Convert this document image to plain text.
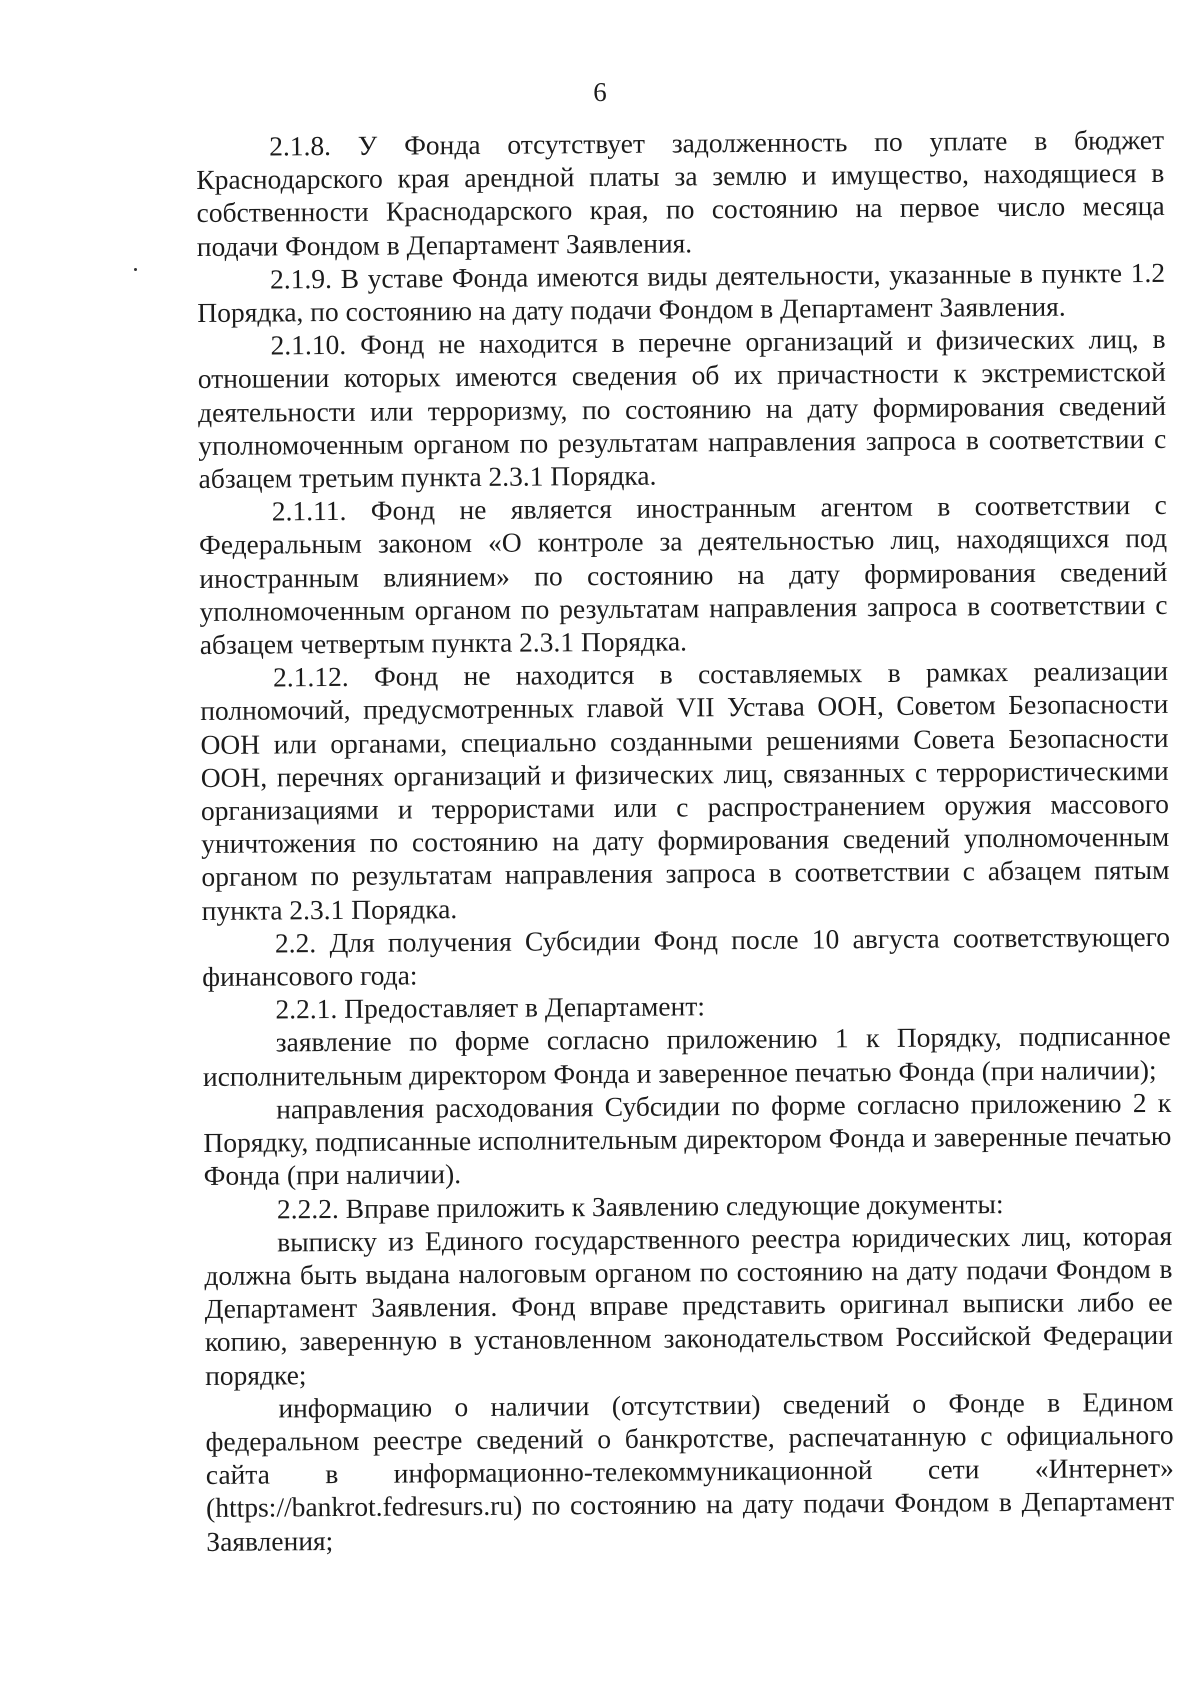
6

2.1.8. У Фонда отсутствует задолженность по уплате в бюджет Краснодарского края арендной платы за землю и имущество, находящиеся в собственности Краснодарского края, по состоянию на первое число месяца подачи Фондом в Департамент Заявления.

2.1.9. В уставе Фонда имеются виды деятельности, указанные в пункте 1.2 Порядка, по состоянию на дату подачи Фондом в Департамент Заявления.

2.1.10. Фонд не находится в перечне организаций и физических лиц, в отношении которых имеются сведения об их причастности к экстремистской деятельности или терроризму, по состоянию на дату формирования сведений уполномоченным органом по результатам направления запроса в соответствии с абзацем третьим пункта 2.3.1 Порядка.

2.1.11. Фонд не является иностранным агентом в соответствии с Федеральным законом «О контроле за деятельностью лиц, находящихся под иностранным влиянием» по состоянию на дату формирования сведений уполномоченным органом по результатам направления запроса в соответствии с абзацем четвертым пункта 2.3.1 Порядка.

2.1.12. Фонд не находится в составляемых в рамках реализации полномочий, предусмотренных главой VII Устава ООН, Советом Безопасности ООН или органами, специально созданными решениями Совета Безопасности ООН, перечнях организаций и физических лиц, связанных с террористическими организациями и террористами или с распространением оружия массового уничтожения по состоянию на дату формирования сведений уполномоченным органом по результатам направления запроса в соответствии с абзацем пятым пункта 2.3.1 Порядка.

2.2. Для получения Субсидии Фонд после 10 августа соответствующего финансового года:

2.2.1. Предоставляет в Департамент:

заявление по форме согласно приложению 1 к Порядку, подписанное исполнительным директором Фонда и заверенное печатью Фонда (при наличии);

направления расходования Субсидии по форме согласно приложению 2 к Порядку, подписанные исполнительным директором Фонда и заверенные печатью Фонда (при наличии).

2.2.2. Вправе приложить к Заявлению следующие документы:

выписку из Единого государственного реестра юридических лиц, которая должна быть выдана налоговым органом по состоянию на дату подачи Фондом в Департамент Заявления. Фонд вправе представить оригинал выписки либо ее копию, заверенную в установленном законодательством Российской Федерации порядке;

информацию о наличии (отсутствии) сведений о Фонде в Едином федеральном реестре сведений о банкротстве, распечатанную с официального сайта в информационно-телекоммуникационной сети «Интернет» (https://bankrot.fedresurs.ru) по состоянию на дату подачи Фондом в Департамент Заявления;
